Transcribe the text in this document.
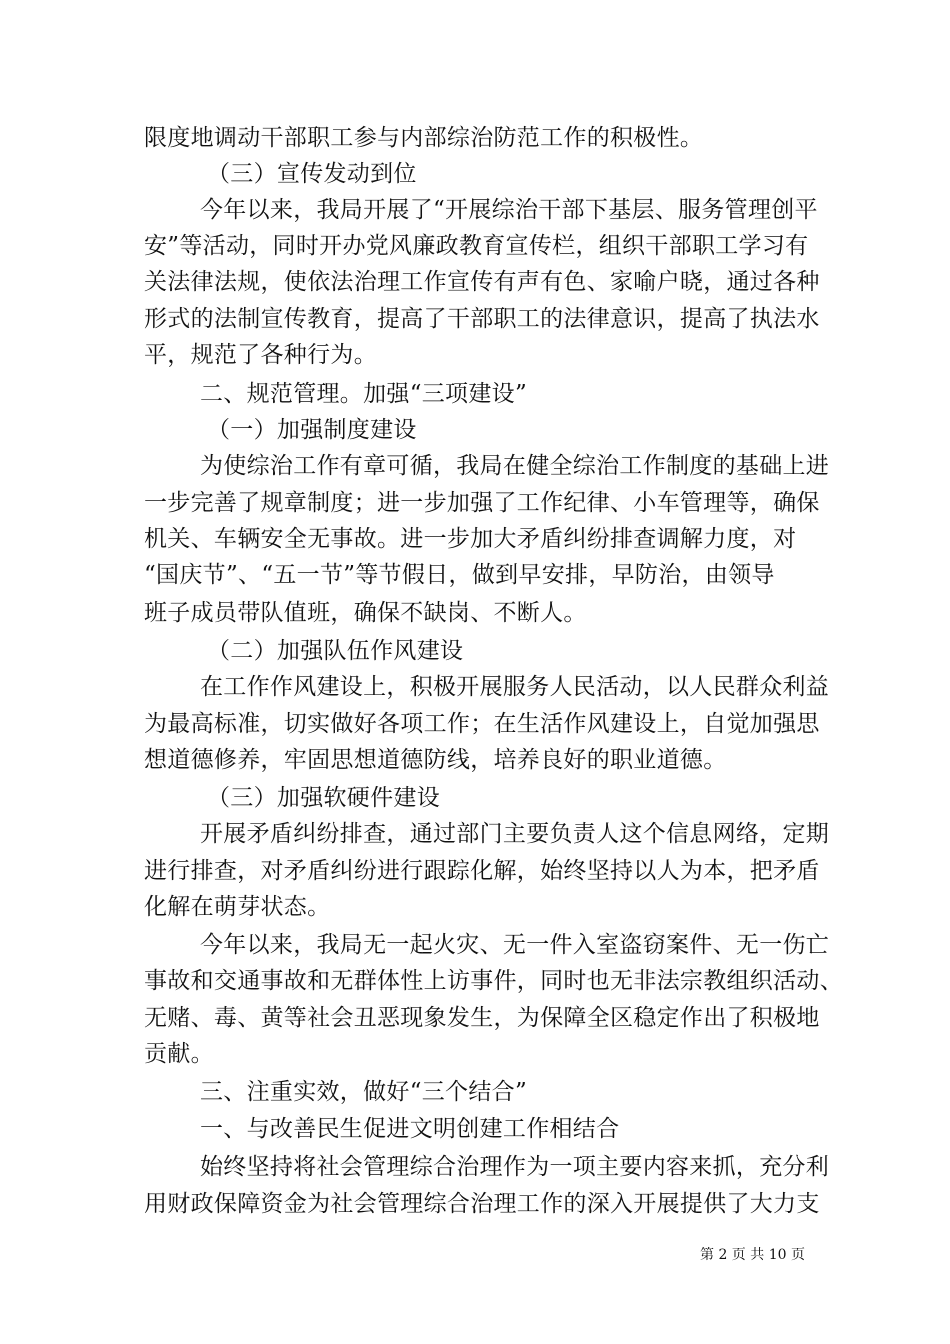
限度地调动干部职工参与内部综治防范工作的积极性。
（三）宣传发动到位
今年以来，我局开展了“开展综治干部下基层、服务管理创平
安”等活动，同时开办党风廉政教育宣传栏，组织干部职工学习有
关法律法规，使依法治理工作宣传有声有色、家喻户晓，通过各种
形式的法制宣传教育，提高了干部职工的法律意识，提高了执法水
平，规范了各种行为。
二、规范管理。加强“三项建设”
（一）加强制度建设
为使综治工作有章可循，我局在健全综治工作制度的基础上进
一步完善了规章制度；进一步加强了工作纪律、小车管理等，确保
机关、车辆安全无事故。进一步加大矛盾纠纷排查调解力度，对
“国庆节”、“五一节”等节假日，做到早安排，早防治，由领导
班子成员带队值班，确保不缺岗、不断人。
（二）加强队伍作风建设
在工作作风建设上，积极开展服务人民活动，以人民群众利益
为最高标准，切实做好各项工作；在生活作风建设上，自觉加强思
想道德修养，牢固思想道德防线，培养良好的职业道德。
（三）加强软硬件建设
开展矛盾纠纷排查，通过部门主要负责人这个信息网络，定期
进行排查，对矛盾纠纷进行跟踪化解，始终坚持以人为本，把矛盾
化解在萌芽状态。
今年以来，我局无一起火灾、无一件入室盗窃案件、无一伤亡
事故和交通事故和无群体性上访事件，同时也无非法宗教组织活动、
无赌、毒、黄等社会丑恶现象发生，为保障全区稳定作出了积极地
贡献。
三、注重实效，做好“三个结合”
一、与改善民生促进文明创建工作相结合
始终坚持将社会管理综合治理作为一项主要内容来抓，充分利
用财政保障资金为社会管理综合治理工作的深入开展提供了大力支
第 2 页 共 10 页
